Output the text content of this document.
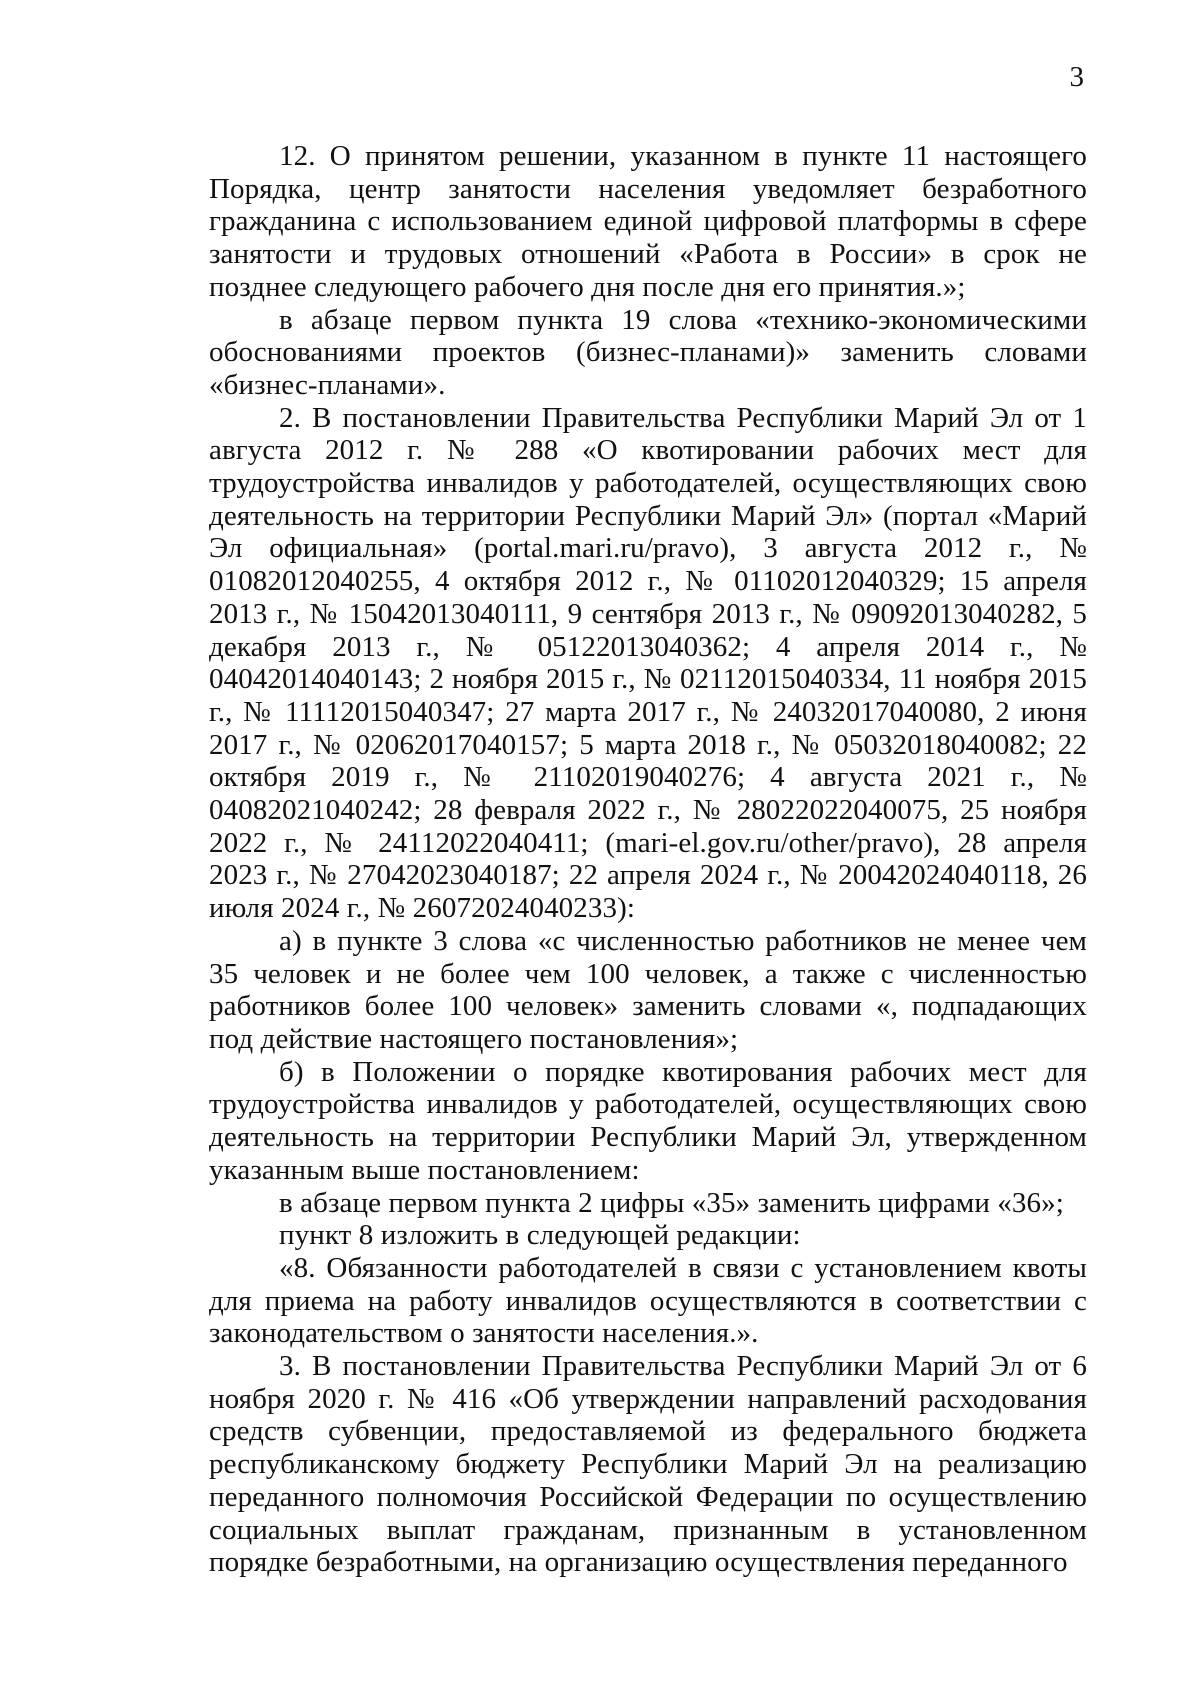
3

12. О принятом решении, указанном в пункте 11 настоящего Порядка, центр занятости населения уведомляет безработного гражданина с использованием единой цифровой платформы в сфере занятости и трудовых отношений «Работа в России» в срок не позднее следующего рабочего дня после дня его принятия.»;

в абзаце первом пункта 19 слова «технико-экономическими обоснованиями проектов (бизнес-планами)» заменить словами «бизнес-планами».

2. В постановлении Правительства Республики Марий Эл от 1 августа 2012 г. № 288 «О квотировании рабочих мест для трудоустройства инвалидов у работодателей, осуществляющих свою деятельность на территории Республики Марий Эл» (портал «Марий Эл официальная» (portal.mari.ru/pravo), 3 августа 2012 г., № 01082012040255, 4 октября 2012 г., № 01102012040329; 15 апреля 2013 г., № 15042013040111, 9 сентября 2013 г., № 09092013040282, 5 декабря 2013 г., № 05122013040362; 4 апреля 2014 г., № 04042014040143; 2 ноября 2015 г., № 02112015040334, 11 ноября 2015 г., № 11112015040347; 27 марта 2017 г., № 24032017040080, 2 июня 2017 г., № 02062017040157; 5 марта 2018 г., № 05032018040082; 22 октября 2019 г., № 21102019040276; 4 августа 2021 г., № 04082021040242; 28 февраля 2022 г., № 28022022040075, 25 ноября 2022 г., № 24112022040411; (mari-el.gov.ru/other/pravo), 28 апреля 2023 г., № 27042023040187; 22 апреля 2024 г., № 20042024040118, 26 июля 2024 г., № 26072024040233):

а) в пункте 3 слова «с численностью работников не менее чем 35 человек и не более чем 100 человек, а также с численностью работников более 100 человек» заменить словами «, подпадающих под действие настоящего постановления»;

б) в Положении о порядке квотирования рабочих мест для трудоустройства инвалидов у работодателей, осуществляющих свою деятельность на территории Республики Марий Эл, утвержденном указанным выше постановлением:

в абзаце первом пункта 2 цифры «35» заменить цифрами «36»;

пункт 8 изложить в следующей редакции:

«8. Обязанности работодателей в связи с установлением квоты для приема на работу инвалидов осуществляются в соответствии с законодательством о занятости населения.».

3. В постановлении Правительства Республики Марий Эл от 6 ноября 2020 г. № 416 «Об утверждении направлений расходования средств субвенции, предоставляемой из федерального бюджета республиканскому бюджету Республики Марий Эл на реализацию переданного полномочия Российской Федерации по осуществлению социальных выплат гражданам, признанным в установленном порядке безработными, на организацию осуществления переданного
